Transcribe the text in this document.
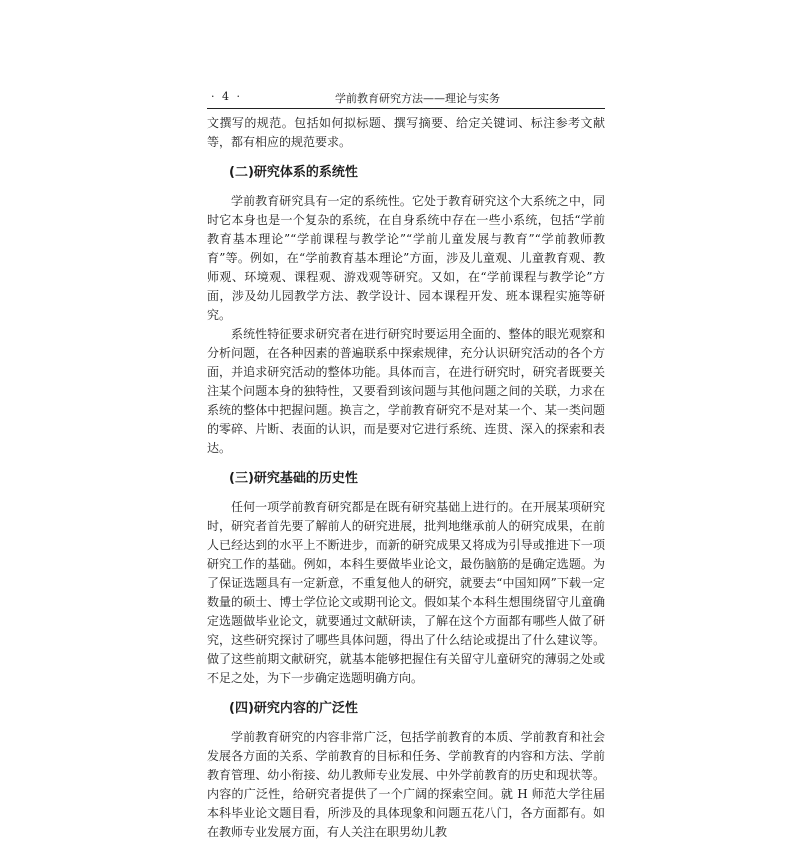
· 4 ·	学前教育研究方法——理论与实务

文撰写的规范。包括如何拟标题、撰写摘要、给定关键词、标注参考文献等，都有相应的规范要求。

(二)研究体系的系统性

学前教育研究具有一定的系统性。它处于教育研究这个大系统之中，同时它本身也是一个复杂的系统，在自身系统中存在一些小系统，包括“学前教育基本理论”“学前课程与教学论”“学前儿童发展与教育”“学前教师教育”等。例如，在“学前教育基本理论”方面，涉及儿童观、儿童教育观、教师观、环境观、课程观、游戏观等研究。又如，在“学前课程与教学论”方面，涉及幼儿园教学方法、教学设计、园本课程开发、班本课程实施等研究。

系统性特征要求研究者在进行研究时要运用全面的、整体的眼光观察和分析问题，在各种因素的普遍联系中探索规律，充分认识研究活动的各个方面，并追求研究活动的整体功能。具体而言，在进行研究时，研究者既要关注某个问题本身的独特性，又要看到该问题与其他问题之间的关联，力求在系统的整体中把握问题。换言之，学前教育研究不是对某一个、某一类问题的零碎、片断、表面的认识，而是要对它进行系统、连贯、深入的探索和表达。

(三)研究基础的历史性

任何一项学前教育研究都是在既有研究基础上进行的。在开展某项研究时，研究者首先要了解前人的研究进展，批判地继承前人的研究成果，在前人已经达到的水平上不断进步，而新的研究成果又将成为引导或推进下一项研究工作的基础。例如，本科生要做毕业论文，最伤脑筋的是确定选题。为了保证选题具有一定新意，不重复他人的研究，就要去“中国知网”下载一定数量的硕士、博士学位论文或期刊论文。假如某个本科生想围绕留守儿童确定选题做毕业论文，就要通过文献研读，了解在这个方面都有哪些人做了研究，这些研究探讨了哪些具体问题，得出了什么结论或提出了什么建议等。做了这些前期文献研究，就基本能够把握住有关留守儿童研究的薄弱之处或不足之处，为下一步确定选题明确方向。

(四)研究内容的广泛性

学前教育研究的内容非常广泛，包括学前教育的本质、学前教育和社会发展各方面的关系、学前教育的目标和任务、学前教育的内容和方法、学前教育管理、幼小衔接、幼儿教师专业发展、中外学前教育的历史和现状等。内容的广泛性，给研究者提供了一个广阔的探索空间。就 H 师范大学往届本科毕业论文题目看，所涉及的具体现象和问题五花八门，各方面都有。如在教师专业发展方面，有人关注在职男幼儿教
